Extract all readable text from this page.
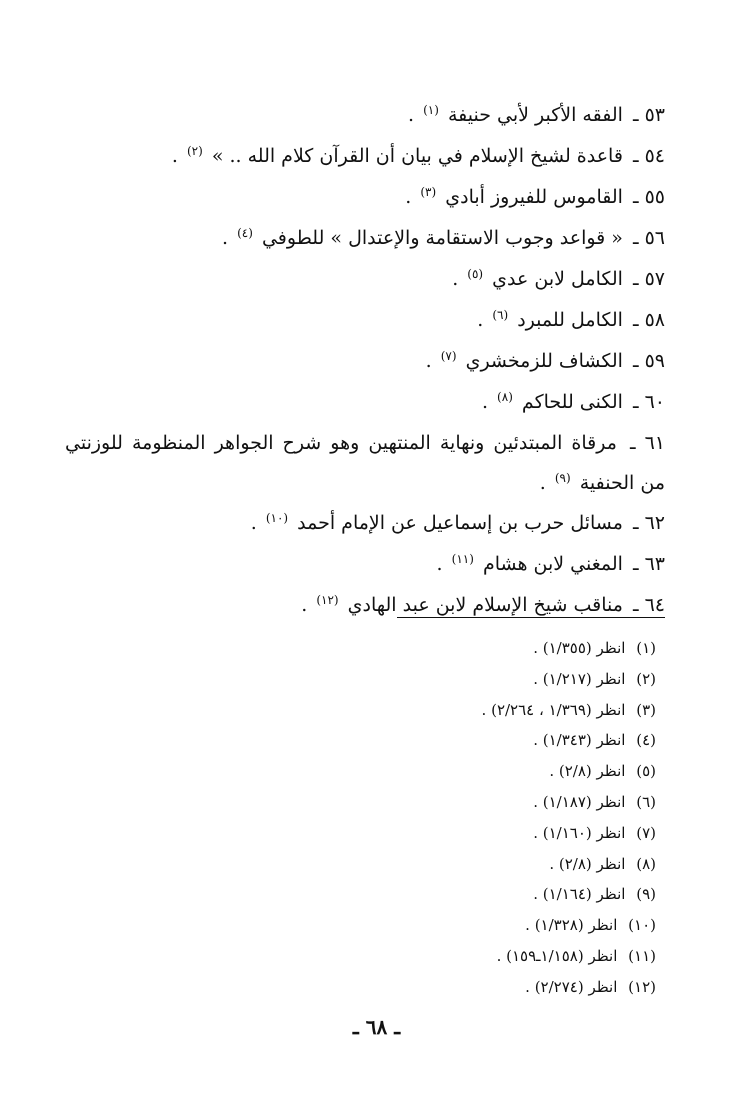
٥٣ ـ الفقه الأكبر لأبي حنيفة $^{(١)}$ .
٥٤ ـ قاعدة لشيخ الإسلام في بيان أن القرآن كلام الله .. » $^{(٢)}$ .
٥٥ ـ القاموس للفيروز أبادي $^{(٣)}$ .
٥٦ ـ « قواعد وجوب الاستقامة والإعتدال » للطوفي $^{(٤)}$ .
٥٧ ـ الكامل لابن عدي $^{(٥)}$ .
٥٨ ـ الكامل للمبرد $^{(٦)}$ .
٥٩ ـ الكشاف للزمخشري $^{(٧)}$ .
٦٠ ـ الكنى للحاكم $^{(٨)}$ .
٦١ ـ مرقاة المبتدئين ونهاية المنتهين وهو شرح الجواهر المنظومة للوزنتي من الحنفية $^{(٩)}$ .
٦٢ ـ مسائل حرب بن إسماعيل عن الإمام أحمد $^{(١٠)}$ .
٦٣ ـ المغني لابن هشام $^{(١١)}$ .
٦٤ ـ مناقب شيخ الإسلام لابن عبد الهادي $^{(١٢)}$ .
(١) انظر (١/٣٥٥) .
(٢) انظر (١/٢١٧) .
(٣) انظر (١/٣٦٩ ، ٢/٢٦٤) .
(٤) انظر (١/٣٤٣) .
(٥) انظر (٢/٨) .
(٦) انظر (١/١٨٧) .
(٧) انظر (١/١٦٠) .
(٨) انظر (٢/٨) .
(٩) انظر (١/١٦٤) .
(١٠) انظر (١/٣٢٨) .
(١١) انظر (١/١٥٨ـ١٥٩) .
(١٢) انظر (٢/٢٧٤) .
ـ ٦٨ ـ
